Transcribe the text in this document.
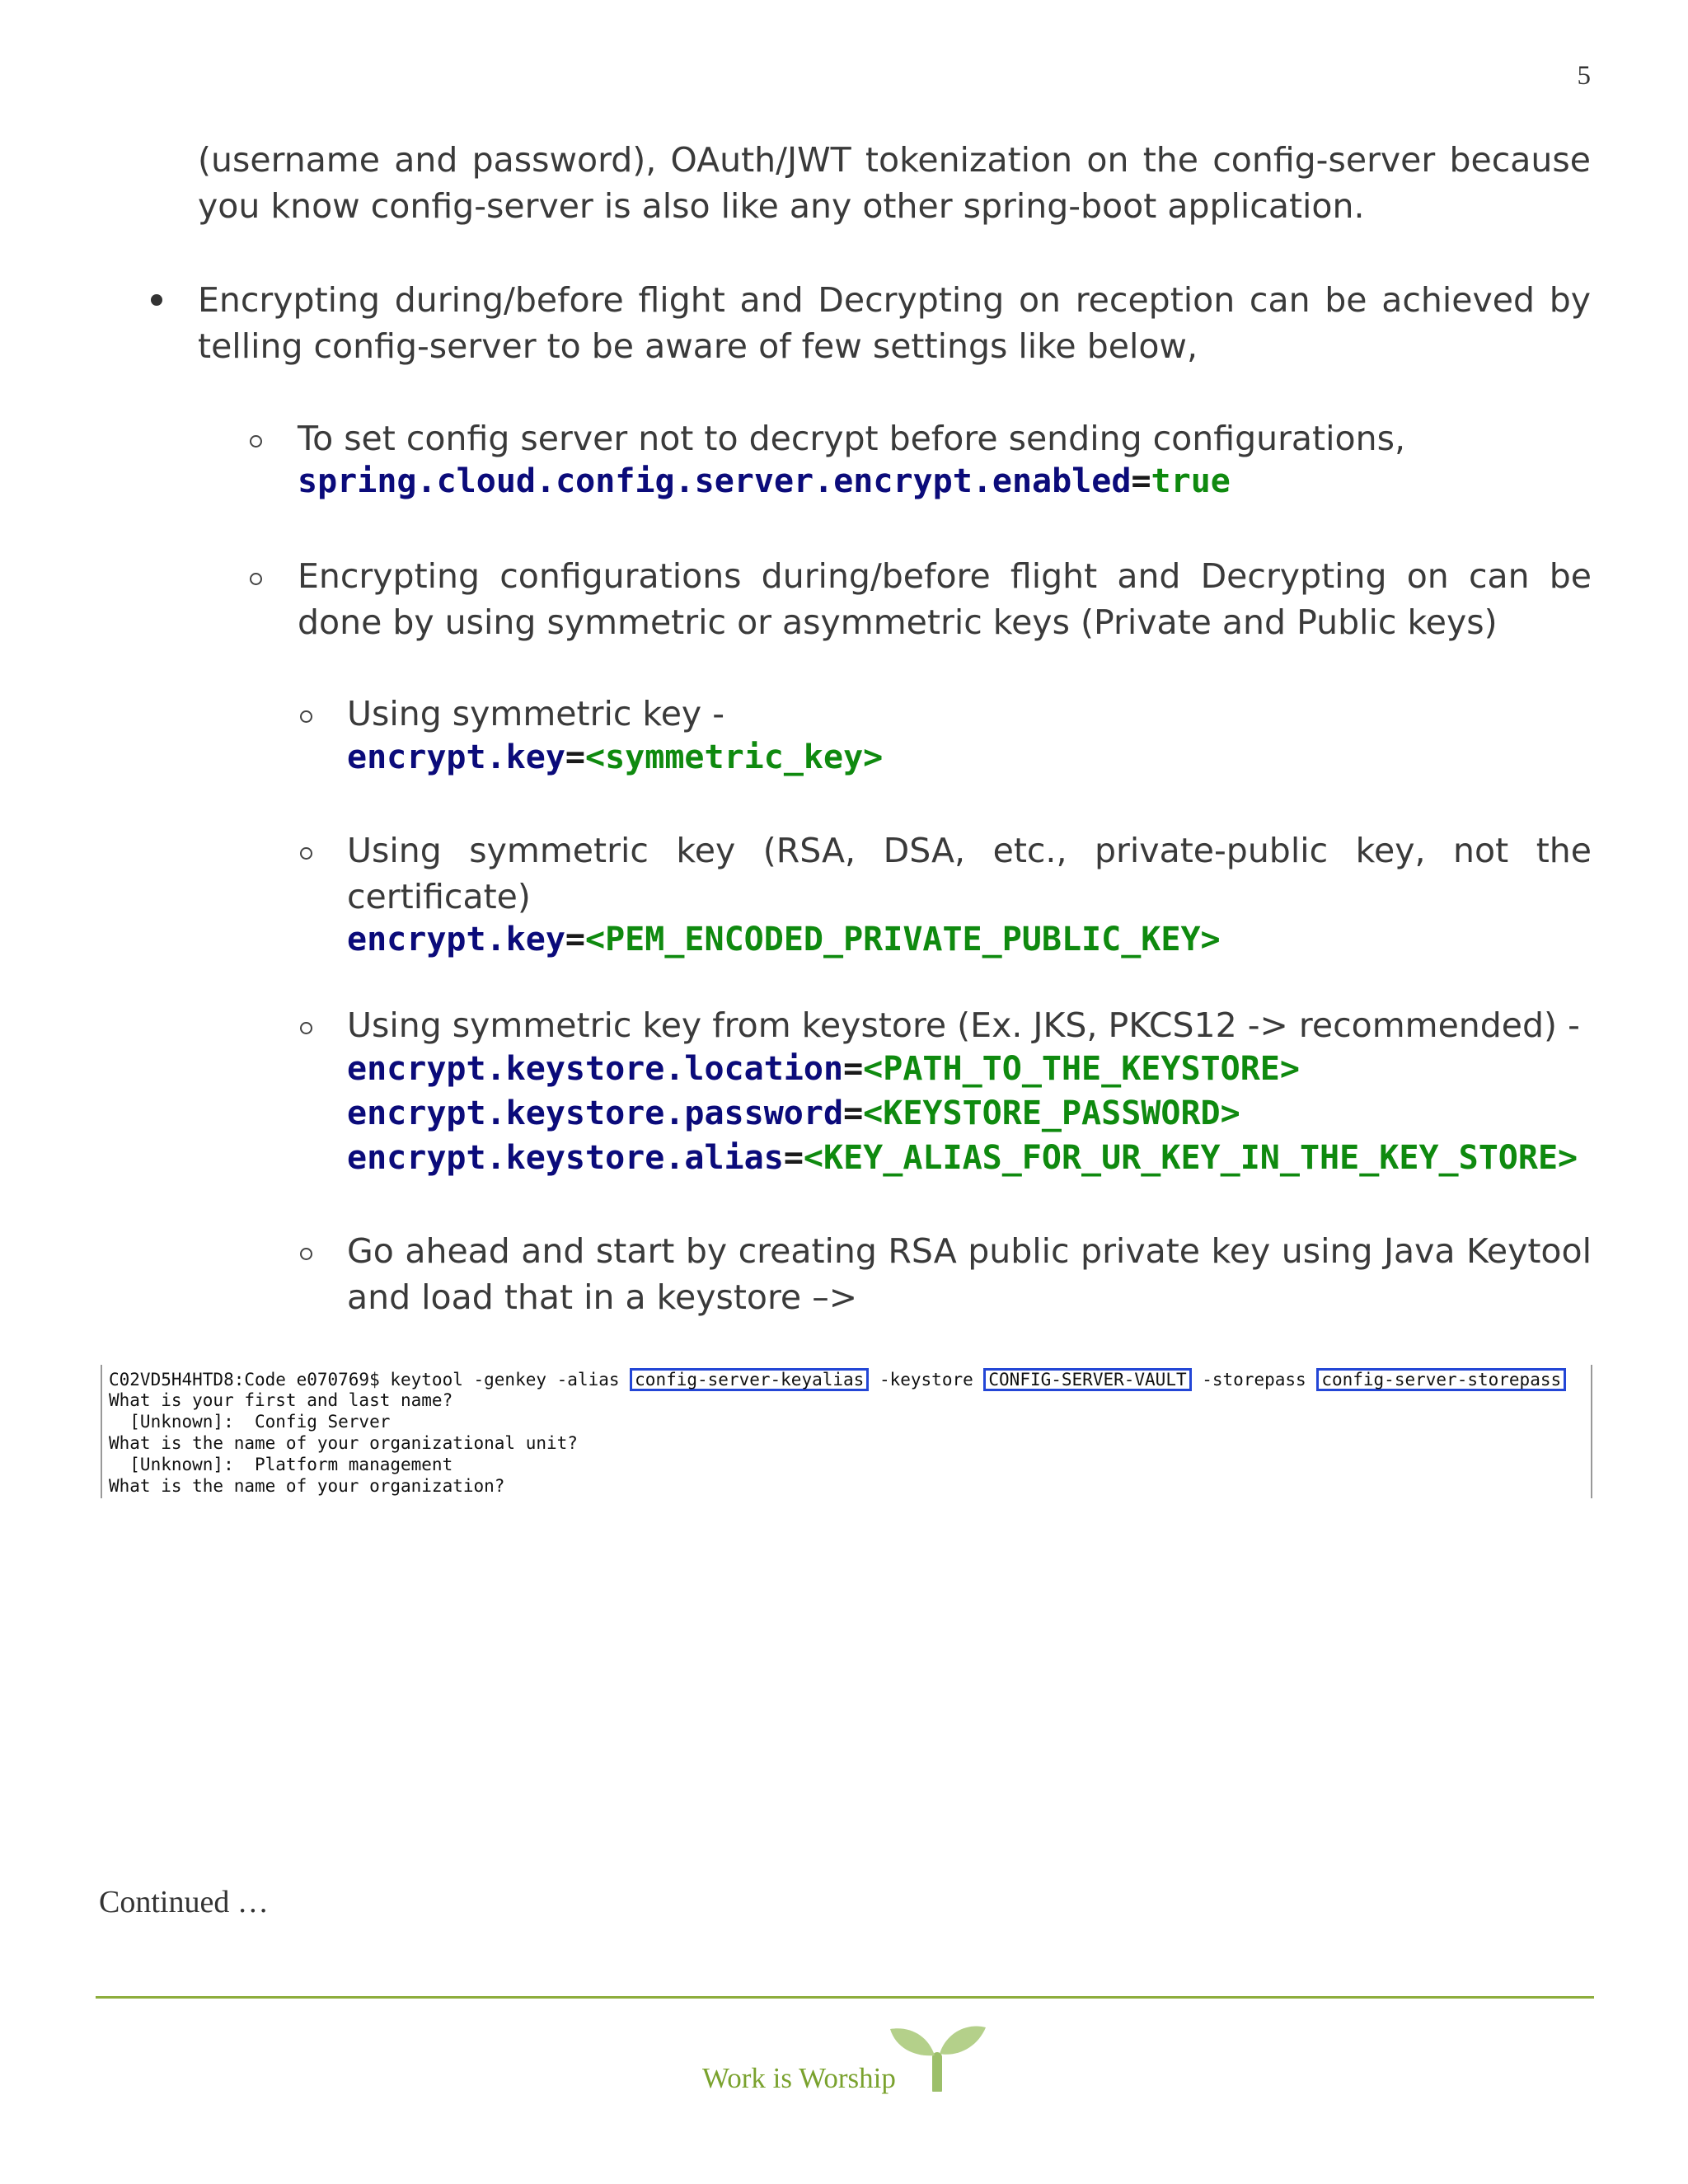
5
(username and password), OAuth/JWT tokenization on the config-server because you know config-server is also like any other spring-boot application.
Encrypting during/before flight and Decrypting on reception can be achieved by telling config-server to be aware of few settings like below,
To set config server not to decrypt before sending configurations,
spring.cloud.config.server.encrypt.enabled=true
Encrypting configurations during/before flight and Decrypting on can be done by using symmetric or asymmetric keys (Private and Public keys)
Using symmetric key -
encrypt.key=<symmetric_key>
Using symmetric key (RSA, DSA, etc., private-public key, not the certificate)
encrypt.key=<PEM_ENCODED_PRIVATE_PUBLIC_KEY>
Using symmetric key from keystore (Ex. JKS, PKCS12 -> recommended) -
encrypt.keystore.location=<PATH_TO_THE_KEYSTORE>
encrypt.keystore.password=<KEYSTORE_PASSWORD>
encrypt.keystore.alias=<KEY_ALIAS_FOR_UR_KEY_IN_THE_KEY_STORE>
Go ahead and start by creating RSA public private key using Java Keytool and load that in a keystore –>
C02VD5H4HTD8:Code e070769$ keytool -genkey -alias config-server-keyalias -keystore CONFIG-SERVER-VAULT -storepass config-server-storepass
What is your first and last name?
[Unknown]:  Config Server
What is the name of your organizational unit?
[Unknown]:  Platform management
What is the name of your organization?
Continued …
Work is Worship
